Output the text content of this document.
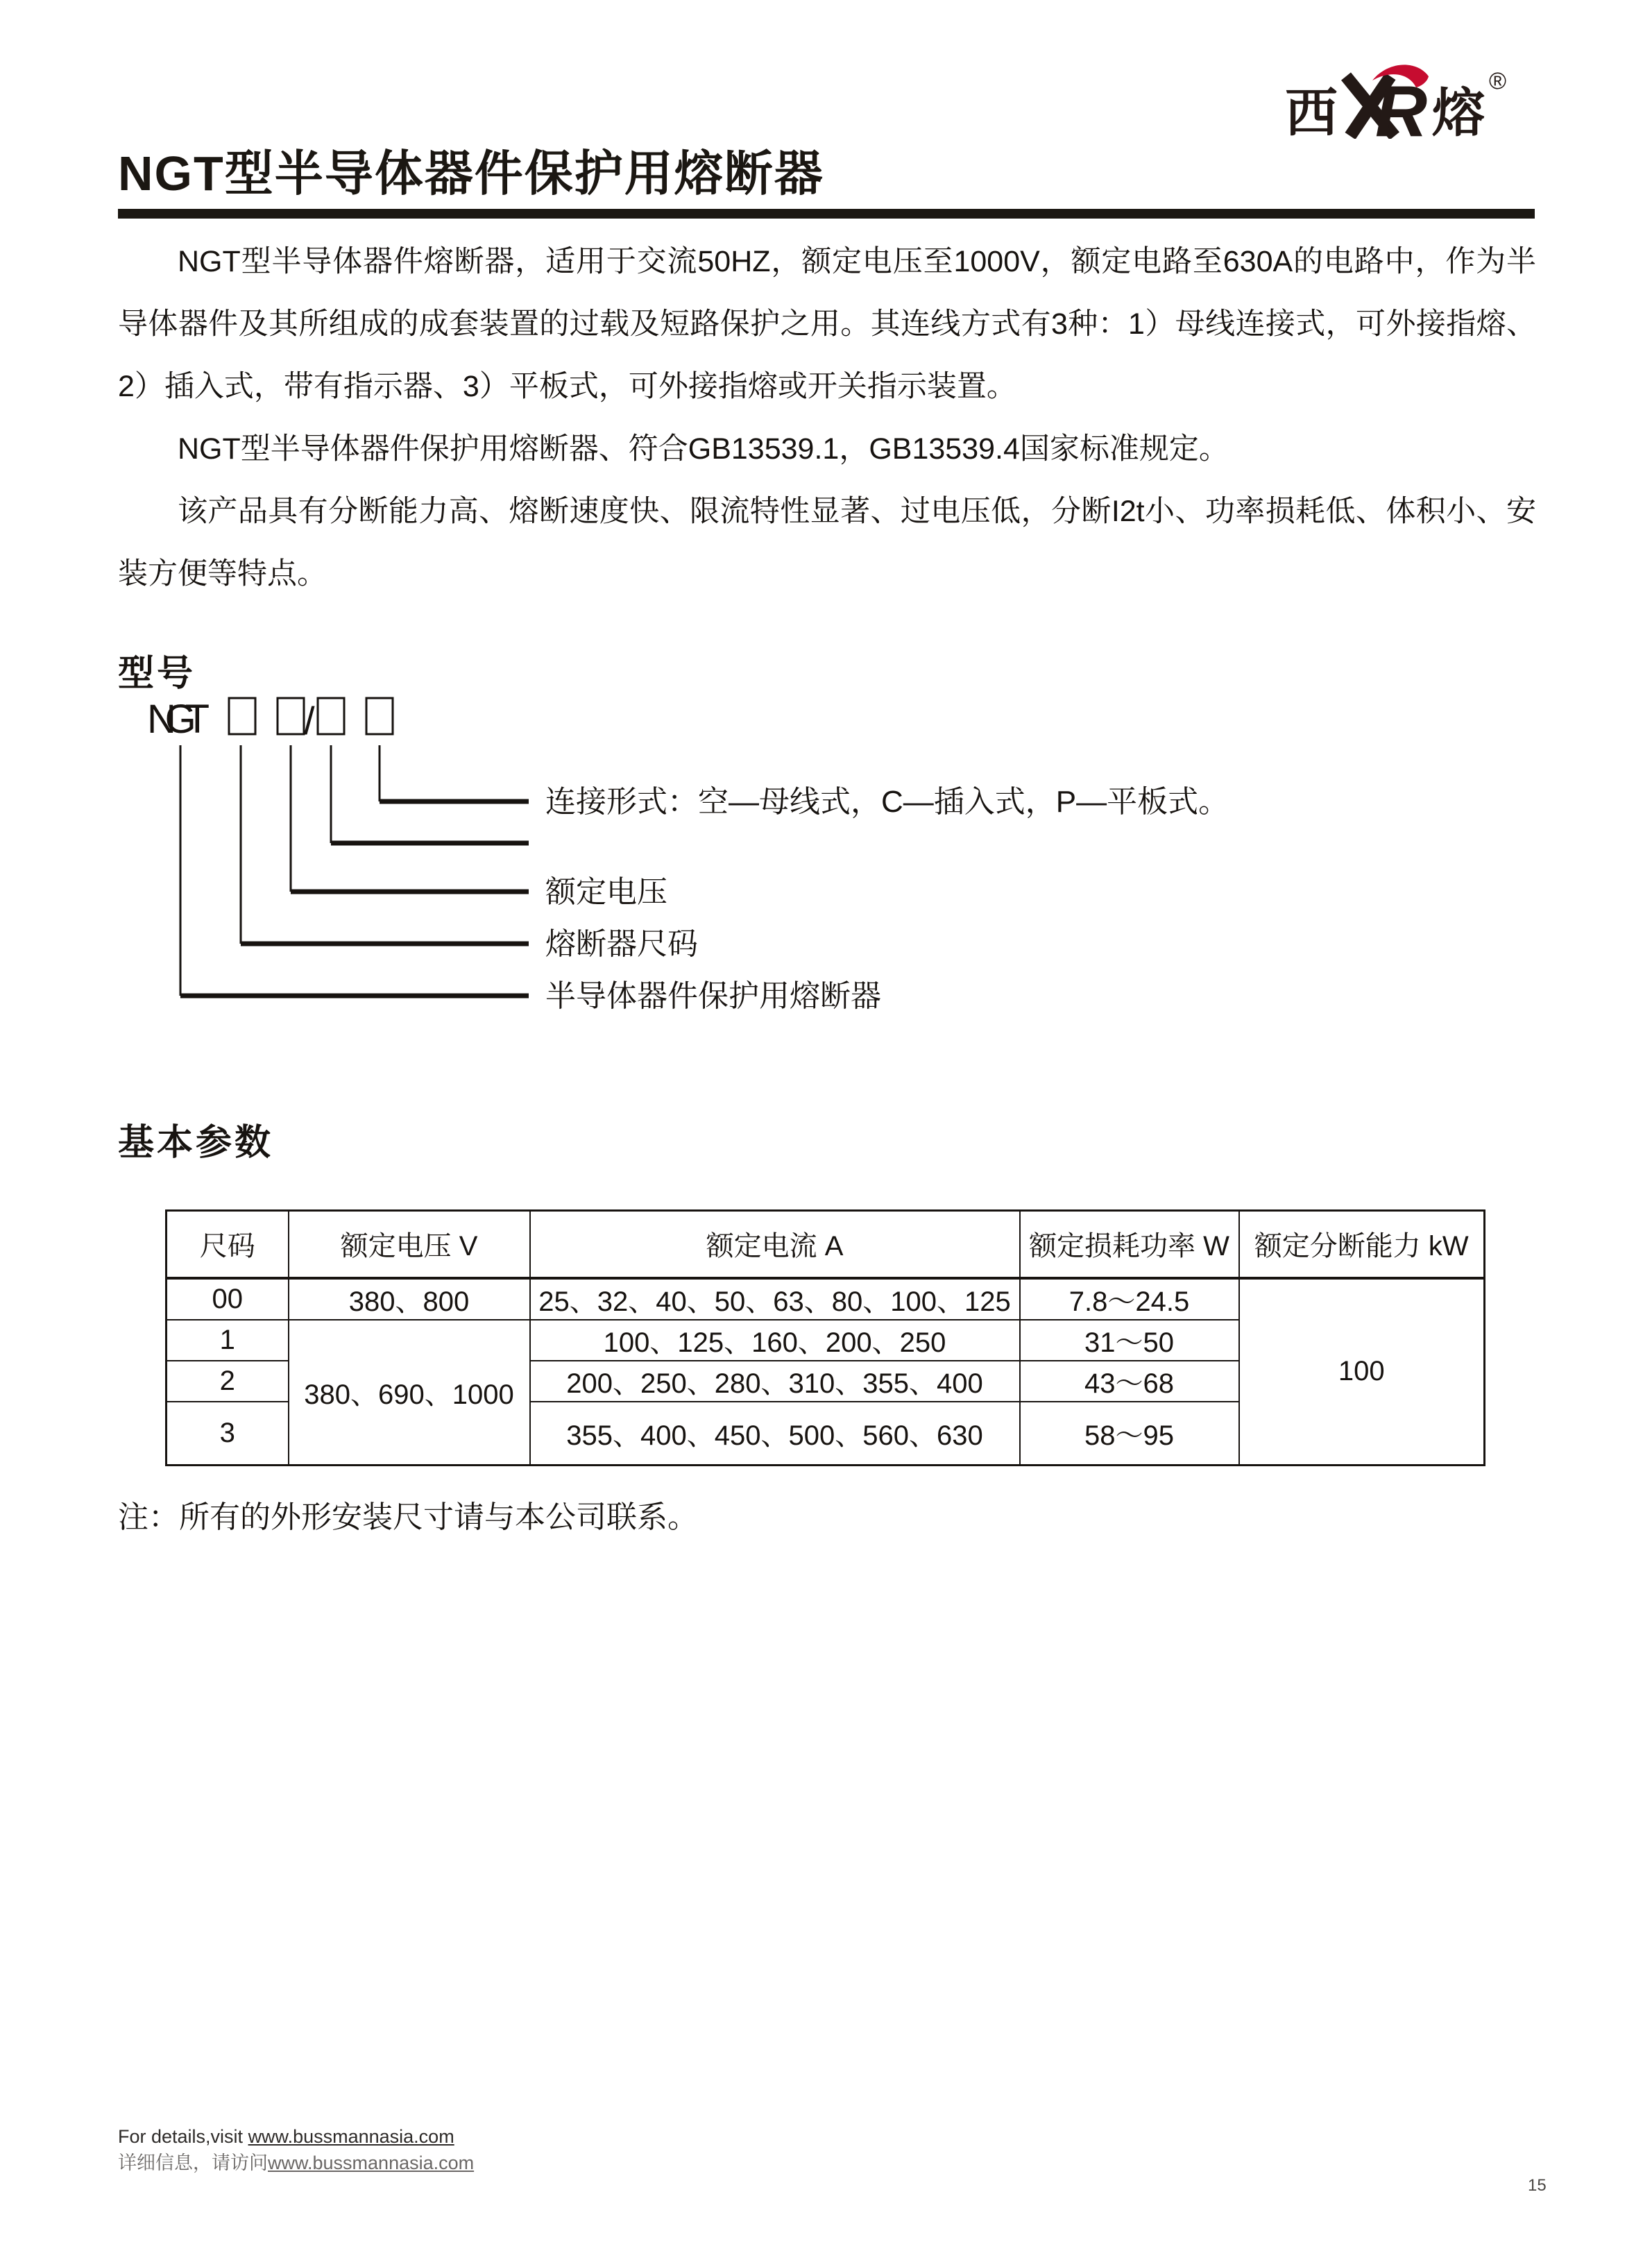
西 R 熔
®
NGT型半导体器件保护用熔断器

NGT型半导体器件熔断器，适用于交流50HZ，额定电压至1000V，额定电路至630A的电路中，作为半导体器件及其所组成的成套装置的过载及短路保护之用。其连线方式有3种：1）母线连接式，可外接指熔、2）插入式，带有指示器、3）平板式，可外接指熔或开关指示装置。

NGT型半导体器件保护用熔断器、符合GB13539.1，GB13539.4国家标准规定。

该产品具有分断能力高、熔断速度快、限流特性显著、过电压低，分断I2t小、功率损耗低、体积小、安装方便等特点。

型号
NGT /
连接形式：空—母线式，C—插入式，P—平板式。
额定电压
熔断器尺码
半导体器件保护用熔断器
基本参数
尺码	额定电压 V	额定电流 A	额定损耗功率 W	额定分断能力 kW
00	380、800	25、32、40、50、63、80、100、125	7.8～24.5	100
1	380、690、1000	100、125、160、200、250	31～50	
2		200、250、280、310、355、400	43～68	
3		355、400、450、500、560、630	58～95	
注：所有的外形安装尺寸请与本公司联系。
For details,visit www.bussmannasia.com
详细信息，请访问www.bussmannasia.com
15
